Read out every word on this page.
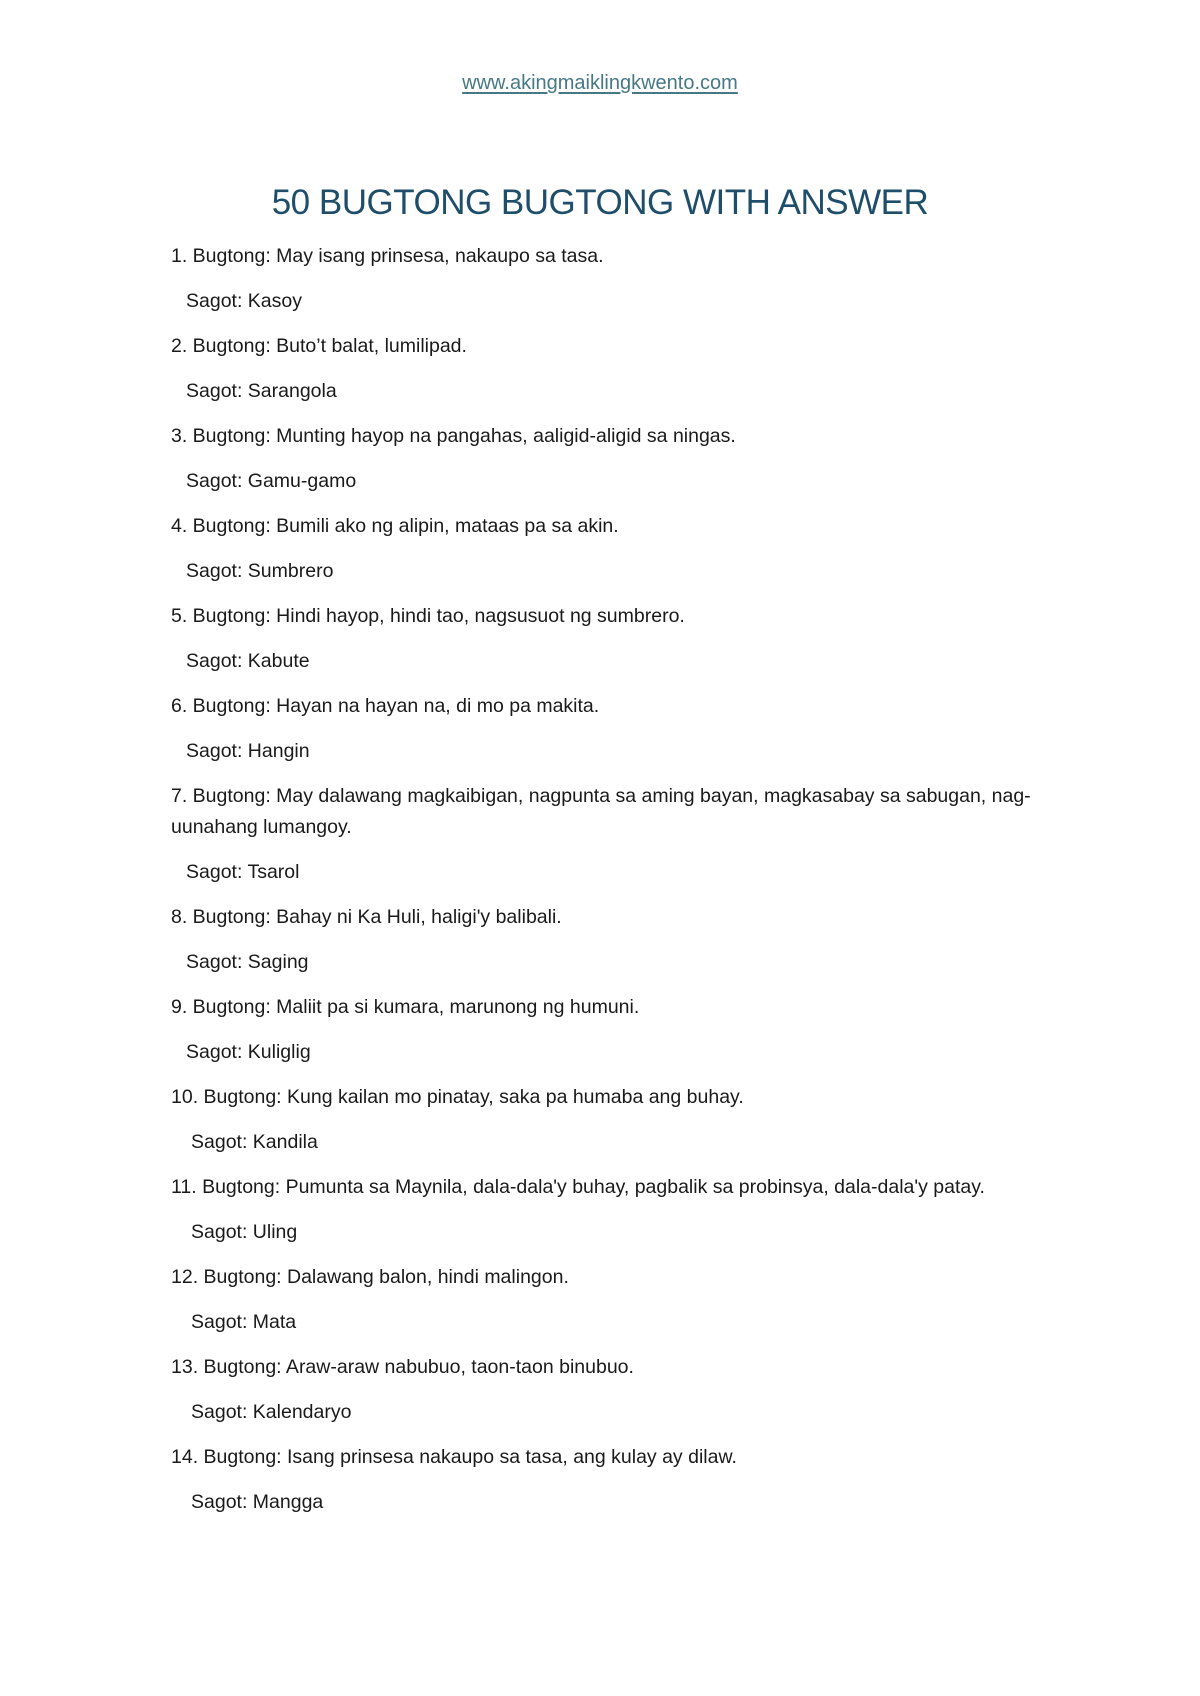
www.akingmaiklingkwento.com
50 BUGTONG BUGTONG WITH ANSWER

1. Bugtong: May isang prinsesa, nakaupo sa tasa.

Sagot: Kasoy

2. Bugtong: Buto’t balat, lumilipad.

Sagot: Sarangola

3. Bugtong: Munting hayop na pangahas, aaligid-aligid sa ningas.

Sagot: Gamu-gamo

4. Bugtong: Bumili ako ng alipin, mataas pa sa akin.

Sagot: Sumbrero

5. Bugtong: Hindi hayop, hindi tao, nagsusuot ng sumbrero.

Sagot: Kabute

6. Bugtong: Hayan na hayan na, di mo pa makita.

Sagot: Hangin

7. Bugtong: May dalawang magkaibigan, nagpunta sa aming bayan, magkasabay sa sabugan, nag-uunahang lumangoy.

Sagot: Tsarol

8. Bugtong: Bahay ni Ka Huli, haligi'y balibali.

Sagot: Saging

9. Bugtong: Maliit pa si kumara, marunong ng humuni.

Sagot: Kuliglig

10. Bugtong: Kung kailan mo pinatay, saka pa humaba ang buhay.

Sagot: Kandila

11. Bugtong: Pumunta sa Maynila, dala-dala'y buhay, pagbalik sa probinsya, dala-dala'y patay.

Sagot: Uling

12. Bugtong: Dalawang balon, hindi malingon.

Sagot: Mata

13. Bugtong: Araw-araw nabubuo, taon-taon binubuo.

Sagot: Kalendaryo

14. Bugtong: Isang prinsesa nakaupo sa tasa, ang kulay ay dilaw.

Sagot: Mangga
